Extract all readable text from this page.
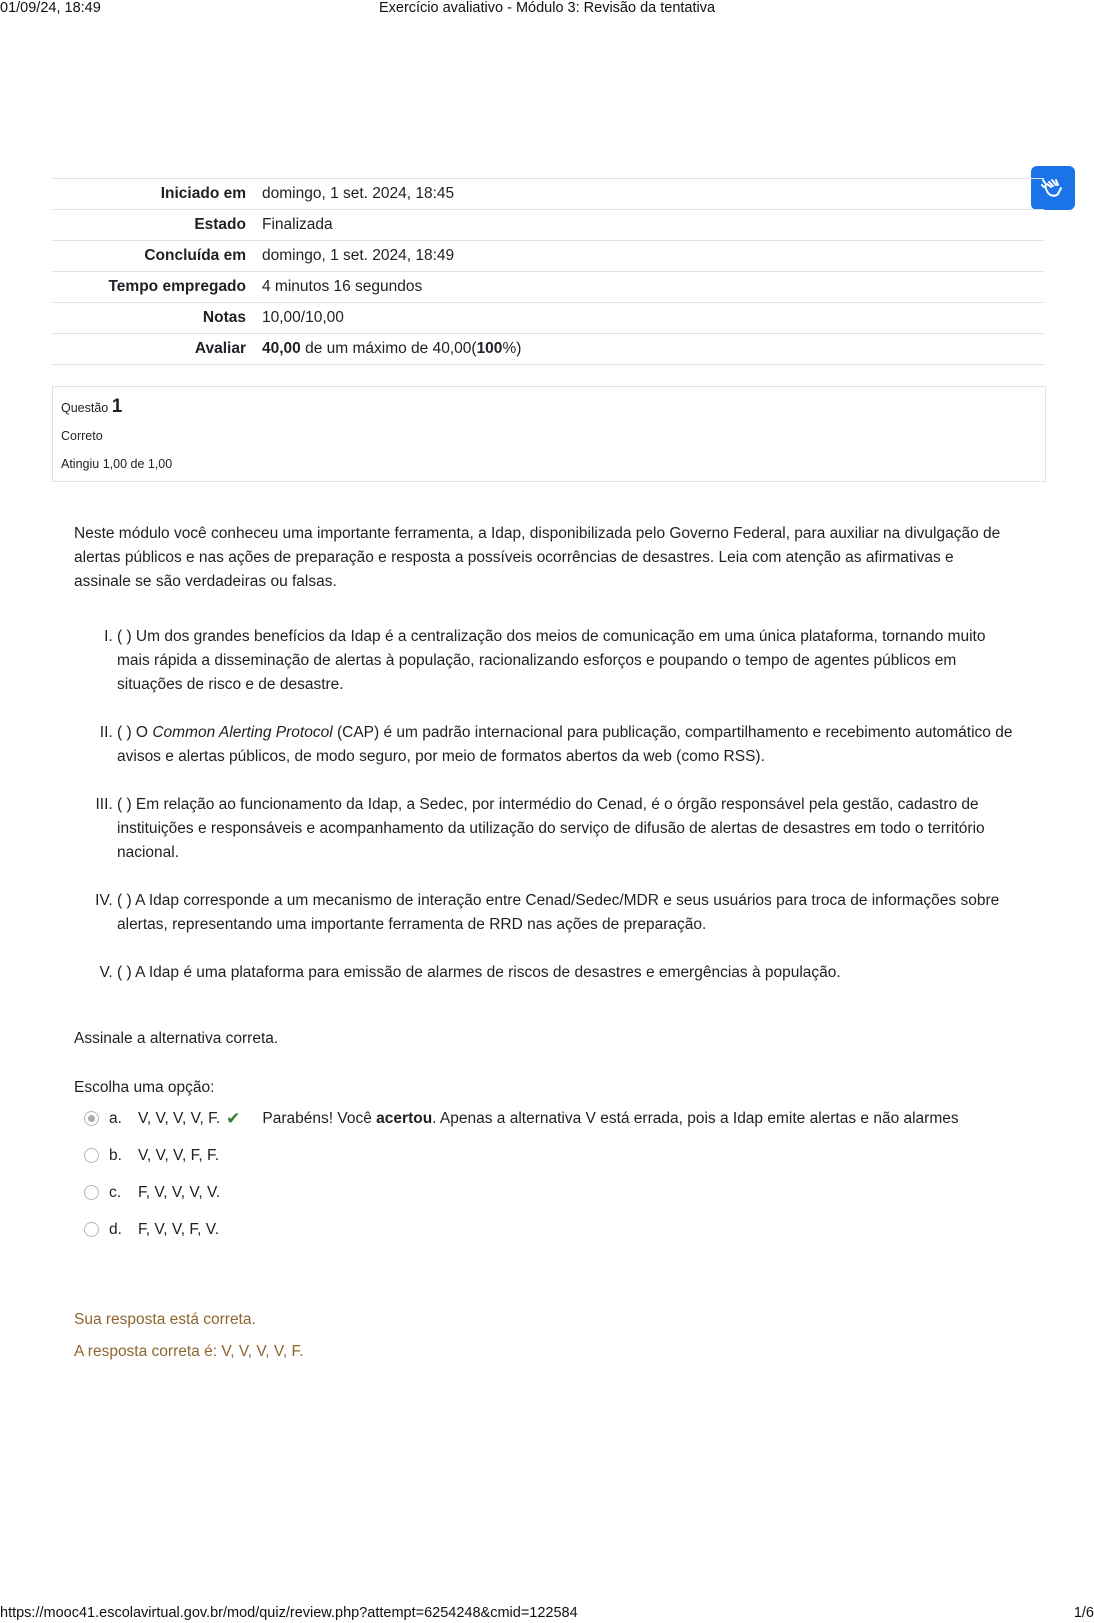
01/09/24, 18:49	Exercício avaliativo - Módulo 3: Revisão da tentativa
Iniciado em	domingo, 1 set. 2024, 18:45
Estado	Finalizada
Concluída em	domingo, 1 set. 2024, 18:49
Tempo empregado	4 minutos 16 segundos
Notas	10,00/10,00
Avaliar	40,00 de um máximo de 40,00(100%)
Questão 1
Correto
Atingiu 1,00 de 1,00

Neste módulo você conheceu uma importante ferramenta, a Idap, disponibilizada pelo Governo Federal, para auxiliar na divulgação de alertas públicos e nas ações de preparação e resposta a possíveis ocorrências de desastres. Leia com atenção as afirmativas e assinale se são verdadeiras ou falsas.

I. ( ) Um dos grandes benefícios da Idap é a centralização dos meios de comunicação em uma única plataforma, tornando muito mais rápida a disseminação de alertas à população, racionalizando esforços e poupando o tempo de agentes públicos em situações de risco e de desastre.
II. ( ) O Common Alerting Protocol (CAP) é um padrão internacional para publicação, compartilhamento e recebimento automático de avisos e alertas públicos, de modo seguro, por meio de formatos abertos da web (como RSS).
III. ( ) Em relação ao funcionamento da Idap, a Sedec, por intermédio do Cenad, é o órgão responsável pela gestão, cadastro de instituições e responsáveis e acompanhamento da utilização do serviço de difusão de alertas de desastres em todo o território nacional.
IV. ( ) A Idap corresponde a um mecanismo de interação entre Cenad/Sedec/MDR e seus usuários para troca de informações sobre alertas, representando uma importante ferramenta de RRD nas ações de preparação.
V. ( ) A Idap é uma plataforma para emissão de alarmes de riscos de desastres e emergências à população.

Assinale a alternativa correta.

Escolha uma opção:

a.	V, V, V, V, F. ✔ Parabéns! Você acertou. Apenas a alternativa V está errada, pois a Idap emite alertas e não alarmes
b.	V, V, V, F, F.
c.	F, V, V, V, V.
d.	F, V, V, F, V.
Sua resposta está correta.
A resposta correta é: V, V, V, V, F.
https://mooc41.escolavirtual.gov.br/mod/quiz/review.php?attempt=6254248&cmid=122584	1/6
